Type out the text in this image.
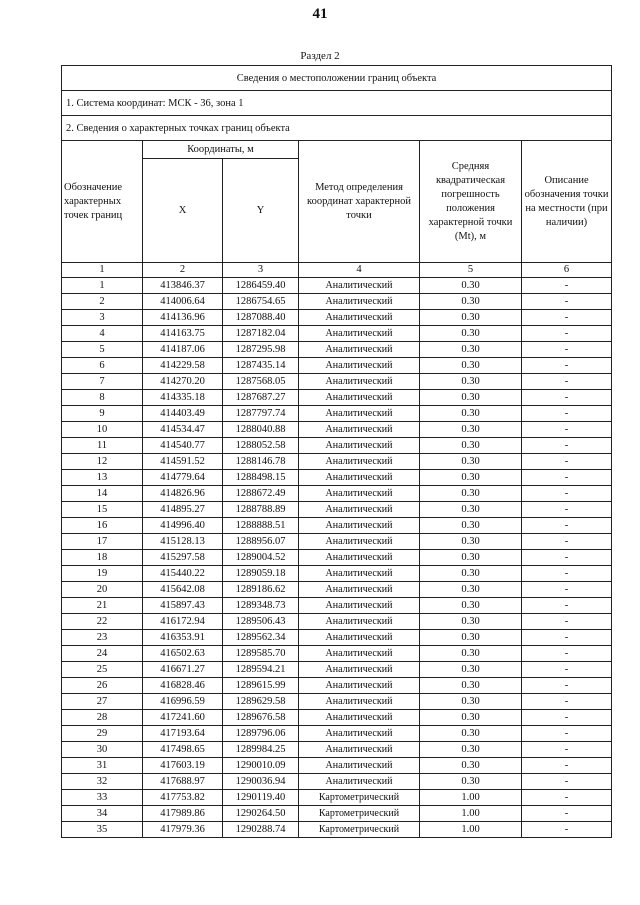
41
Раздел 2
Сведения о местоположении границ объекта					
1. Система координат: МСК - 36, зона 1					
2. Сведения о характерных точках границ объекта					
Обозначение характерных точек границ	Координаты, м		Метод определения координат характерной точки	Средняя квадратическая погрешность положения характерной точки (Mt), м	Описание обозначения точки на местности (при наличии)
	X	Y			
1	2	3	4	5	6
1	413846.37	1286459.40	Аналитический	0.30	-
2	414006.64	1286754.65	Аналитический	0.30	-
3	414136.96	1287088.40	Аналитический	0.30	-
4	414163.75	1287182.04	Аналитический	0.30	-
5	414187.06	1287295.98	Аналитический	0.30	-
6	414229.58	1287435.14	Аналитический	0.30	-
7	414270.20	1287568.05	Аналитический	0.30	-
8	414335.18	1287687.27	Аналитический	0.30	-
9	414403.49	1287797.74	Аналитический	0.30	-
10	414534.47	1288040.88	Аналитический	0.30	-
11	414540.77	1288052.58	Аналитический	0.30	-
12	414591.52	1288146.78	Аналитический	0.30	-
13	414779.64	1288498.15	Аналитический	0.30	-
14	414826.96	1288672.49	Аналитический	0.30	-
15	414895.27	1288788.89	Аналитический	0.30	-
16	414996.40	1288888.51	Аналитический	0.30	-
17	415128.13	1288956.07	Аналитический	0.30	-
18	415297.58	1289004.52	Аналитический	0.30	-
19	415440.22	1289059.18	Аналитический	0.30	-
20	415642.08	1289186.62	Аналитический	0.30	-
21	415897.43	1289348.73	Аналитический	0.30	-
22	416172.94	1289506.43	Аналитический	0.30	-
23	416353.91	1289562.34	Аналитический	0.30	-
24	416502.63	1289585.70	Аналитический	0.30	-
25	416671.27	1289594.21	Аналитический	0.30	-
26	416828.46	1289615.99	Аналитический	0.30	-
27	416996.59	1289629.58	Аналитический	0.30	-
28	417241.60	1289676.58	Аналитический	0.30	-
29	417193.64	1289796.06	Аналитический	0.30	-
30	417498.65	1289984.25	Аналитический	0.30	-
31	417603.19	1290010.09	Аналитический	0.30	-
32	417688.97	1290036.94	Аналитический	0.30	-
33	417753.82	1290119.40	Картометрический	1.00	-
34	417989.86	1290264.50	Картометрический	1.00	-
35	417979.36	1290288.74	Картометрический	1.00	-
